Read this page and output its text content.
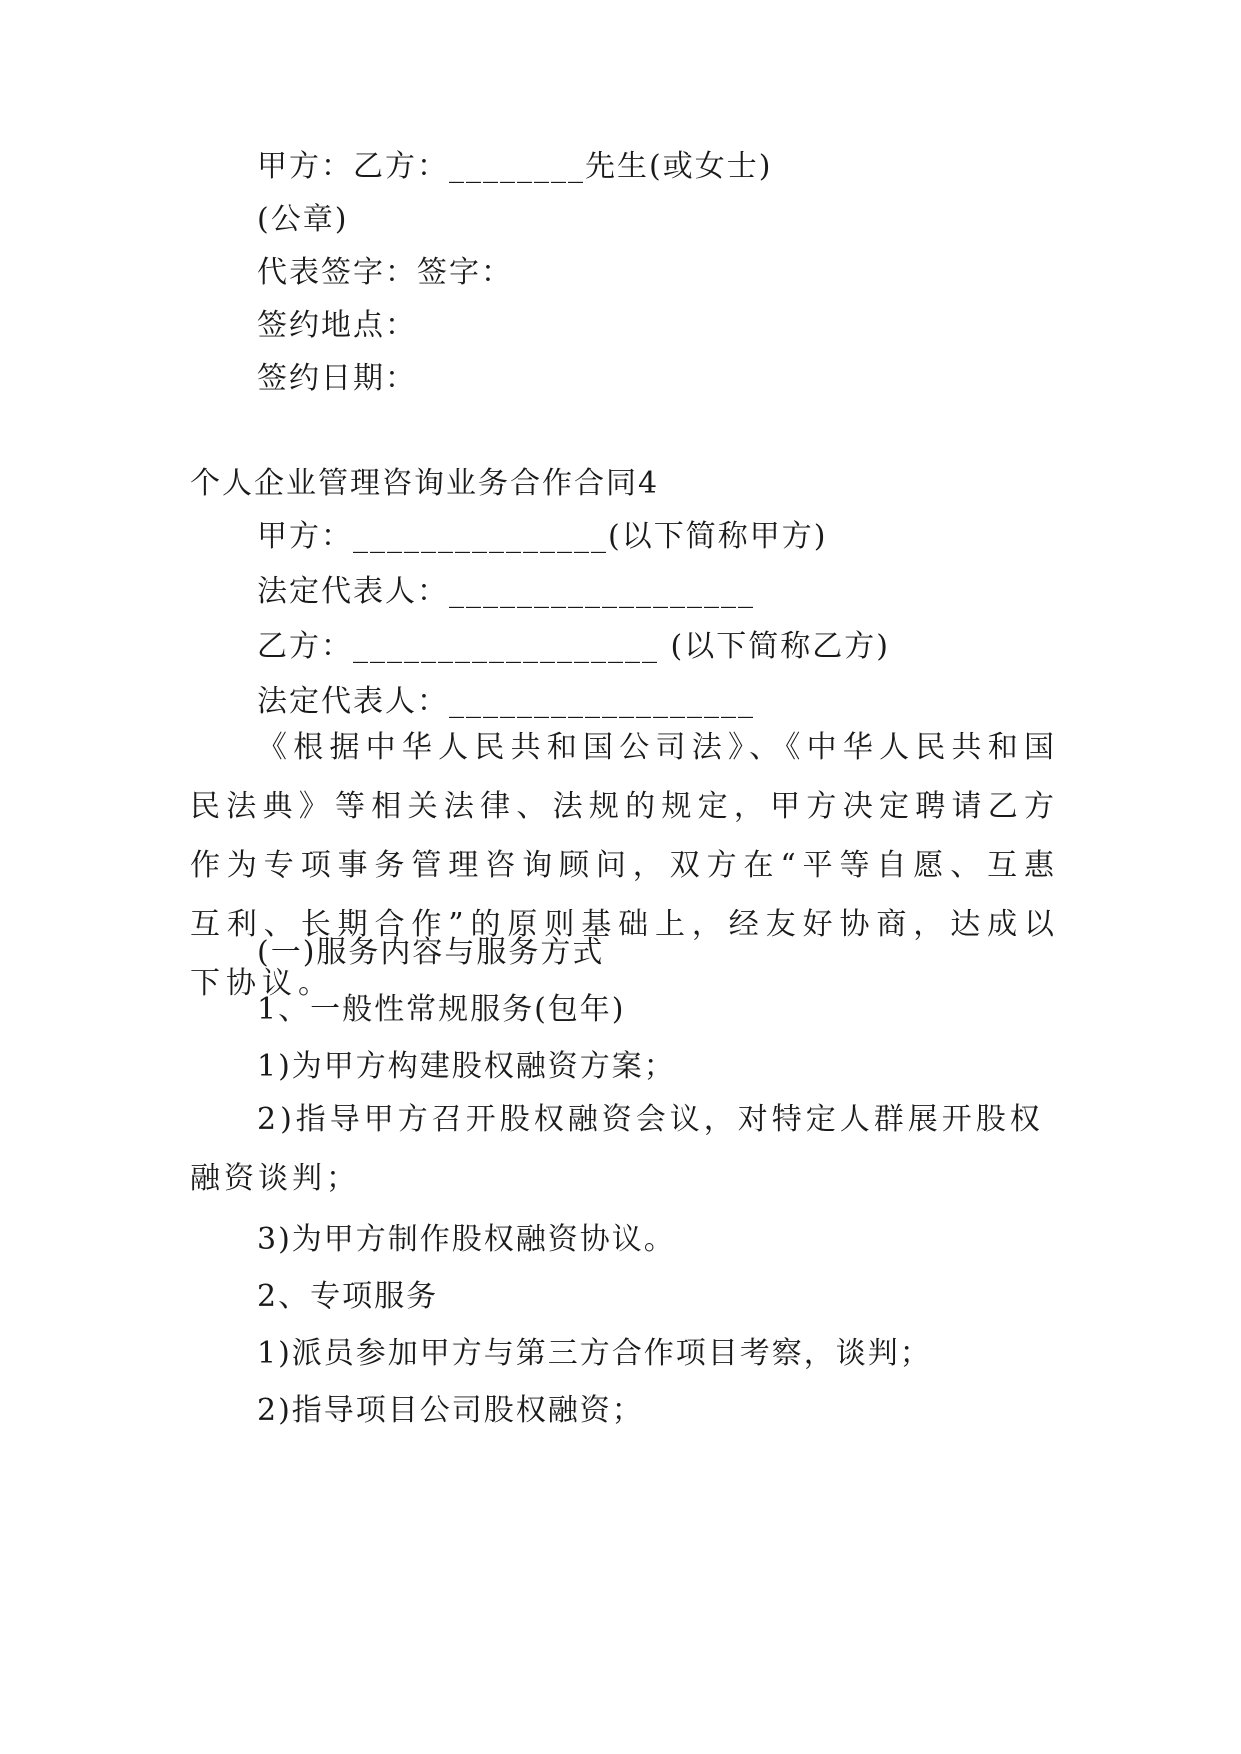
甲方：乙方：________先生(或女士)
(公章)
代表签字：签字：
签约地点：
签约日期：
个人企业管理咨询业务合作合同4
甲方：_______________(以下简称甲方)
法定代表人：__________________
乙方：__________________ (以下简称乙方)
法定代表人：__________________
《根据中华人民共和国公司法》、《中华人民共和国民法典》等相关法律、法规的规定，甲方决定聘请乙方作为专项事务管理咨询顾问，双方在“平等自愿、互惠互利、长期合作”的原则基础上，经友好协商，达成以下协议。
(一)服务内容与服务方式
1、一般性常规服务(包年)
1)为甲方构建股权融资方案；
2)指导甲方召开股权融资会议，对特定人群展开股权融资谈判；
3)为甲方制作股权融资协议。
2、专项服务
1)派员参加甲方与第三方合作项目考察，谈判；
2)指导项目公司股权融资；
